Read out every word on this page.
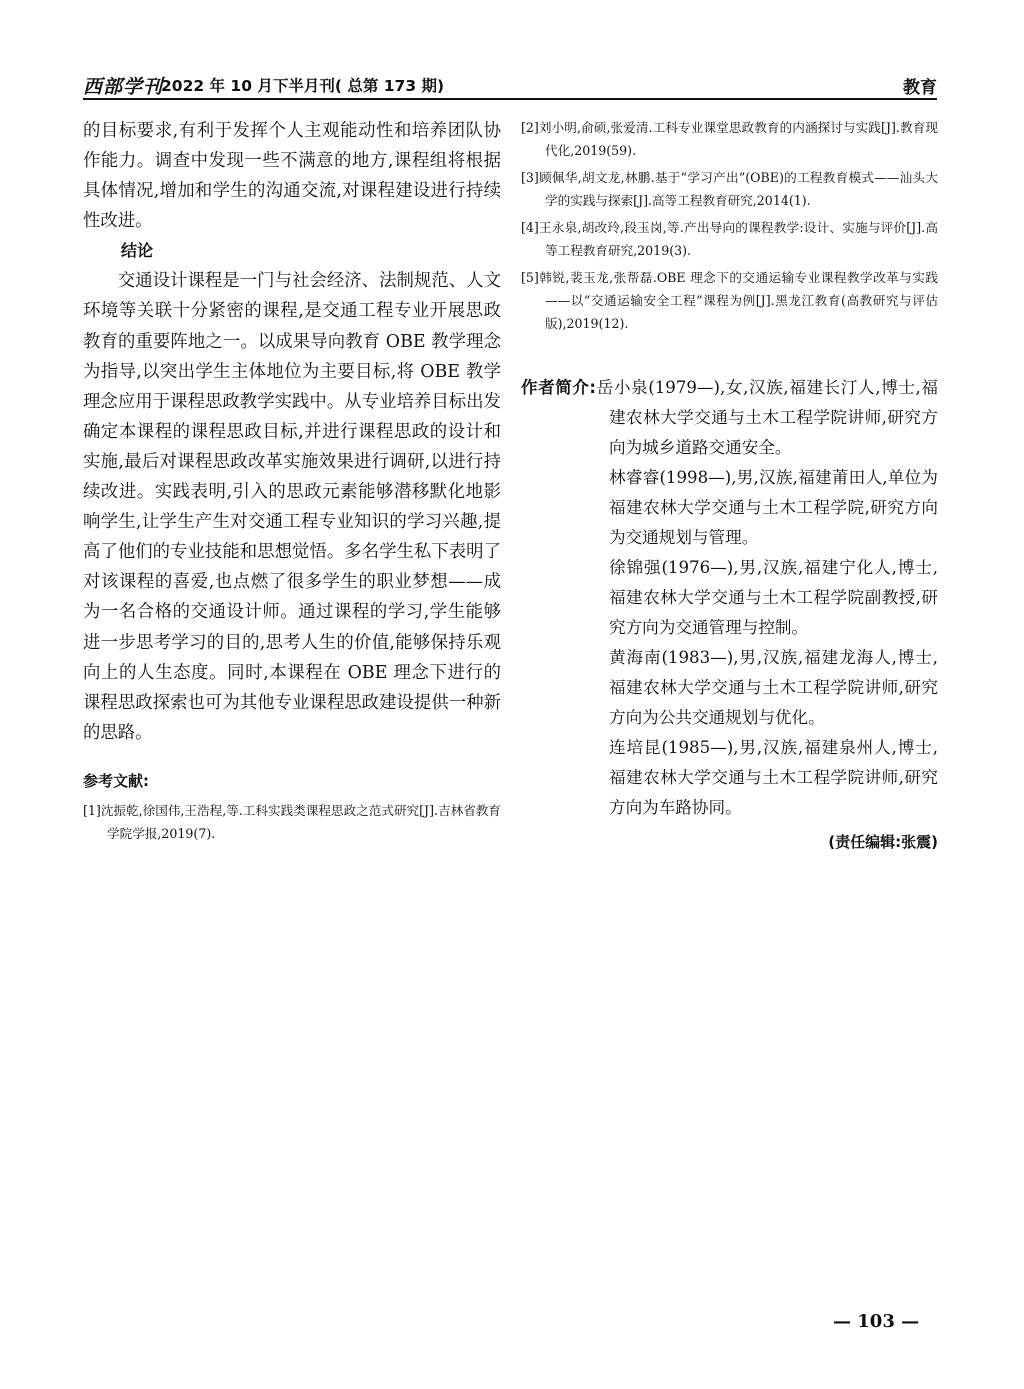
西部学刊
2022 年 10 月下半月刊( 总第 173 期)	教育

的目标要求,有利于发挥个人主观能动性和培养团队协作能力。调查中发现一些不满意的地方,课程组将根据具体情况,增加和学生的沟通交流,对课程建设进行持续性改进。

结论

交通设计课程是一门与社会经济、法制规范、人文环境等关联十分紧密的课程,是交通工程专业开展思政教育的重要阵地之一。以成果导向教育 OBE 教学理念为指导,以突出学生主体地位为主要目标,将 OBE 教学理念应用于课程思政教学实践中。从专业培养目标出发确定本课程的课程思政目标,并进行课程思政的设计和实施,最后对课程思政改革实施效果进行调研,以进行持续改进。实践表明,引入的思政元素能够潜移默化地影响学生,让学生产生对交通工程专业知识的学习兴趣,提高了他们的专业技能和思想觉悟。多名学生私下表明了对该课程的喜爱,也点燃了很多学生的职业梦想——成为一名合格的交通设计师。通过课程的学习,学生能够进一步思考学习的目的,思考人生的价值,能够保持乐观向上的人生态度。同时,本课程在 OBE 理念下进行的课程思政探索也可为其他专业课程思政建设提供一种新的思路。

参考文献:

[1]沈振乾,徐国伟,王浩程,等.工科实践类课程思政之范式研究[J].吉林省教育学院学报,2019(7).

[2]刘小明,俞硕,张爱清.工科专业课堂思政教育的内涵探讨与实践[J].教育现代化,2019(59).

[3]顾佩华,胡文龙,林鹏.基于“学习产出”(OBE)的工程教育模式——汕头大学的实践与探索[J].高等工程教育研究,2014(1).

[4]王永泉,胡改玲,段玉岗,等.产出导向的课程教学:设计、实施与评价[J].高等工程教育研究,2019(3).

[5]韩锐,裴玉龙,张帮磊.OBE 理念下的交通运输专业课程教学改革与实践——以“交通运输安全工程”课程为例[J].黑龙江教育(高教研究与评估版),2019(12).

作者简介:岳小泉(1979—),女,汉族,福建长汀人,博士,福建农林大学交通与土木工程学院讲师,研究方向为城乡道路交通安全。

林睿睿(1998—),男,汉族,福建莆田人,单位为福建农林大学交通与土木工程学院,研究方向为交通规划与管理。

徐锦强(1976—),男,汉族,福建宁化人,博士,福建农林大学交通与土木工程学院副教授,研究方向为交通管理与控制。

黄海南(1983—),男,汉族,福建龙海人,博士,福建农林大学交通与土木工程学院讲师,研究方向为公共交通规划与优化。

连培昆(1985—),男,汉族,福建泉州人,博士,福建农林大学交通与土木工程学院讲师,研究方向为车路协同。

(责任编辑:张震)
— 103 —
